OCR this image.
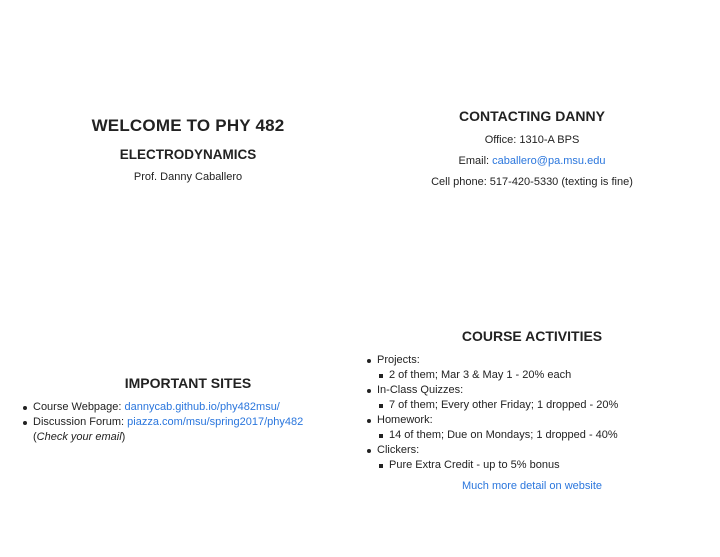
WELCOME TO PHY 482
ELECTRODYNAMICS
Prof. Danny Caballero
CONTACTING DANNY
Office: 1310-A BPS
Email: caballero@pa.msu.edu
Cell phone: 517-420-5330 (texting is fine)
IMPORTANT SITES
Course Webpage: dannycab.github.io/phy482msu/
Discussion Forum: piazza.com/msu/spring2017/phy482
(Check your email)
COURSE ACTIVITIES
Projects:
2 of them; Mar 3 & May 1 - 20% each
In-Class Quizzes:
7 of them; Every other Friday; 1 dropped - 20%
Homework:
14 of them; Due on Mondays; 1 dropped - 40%
Clickers:
Pure Extra Credit - up to 5% bonus
Much more detail on website
